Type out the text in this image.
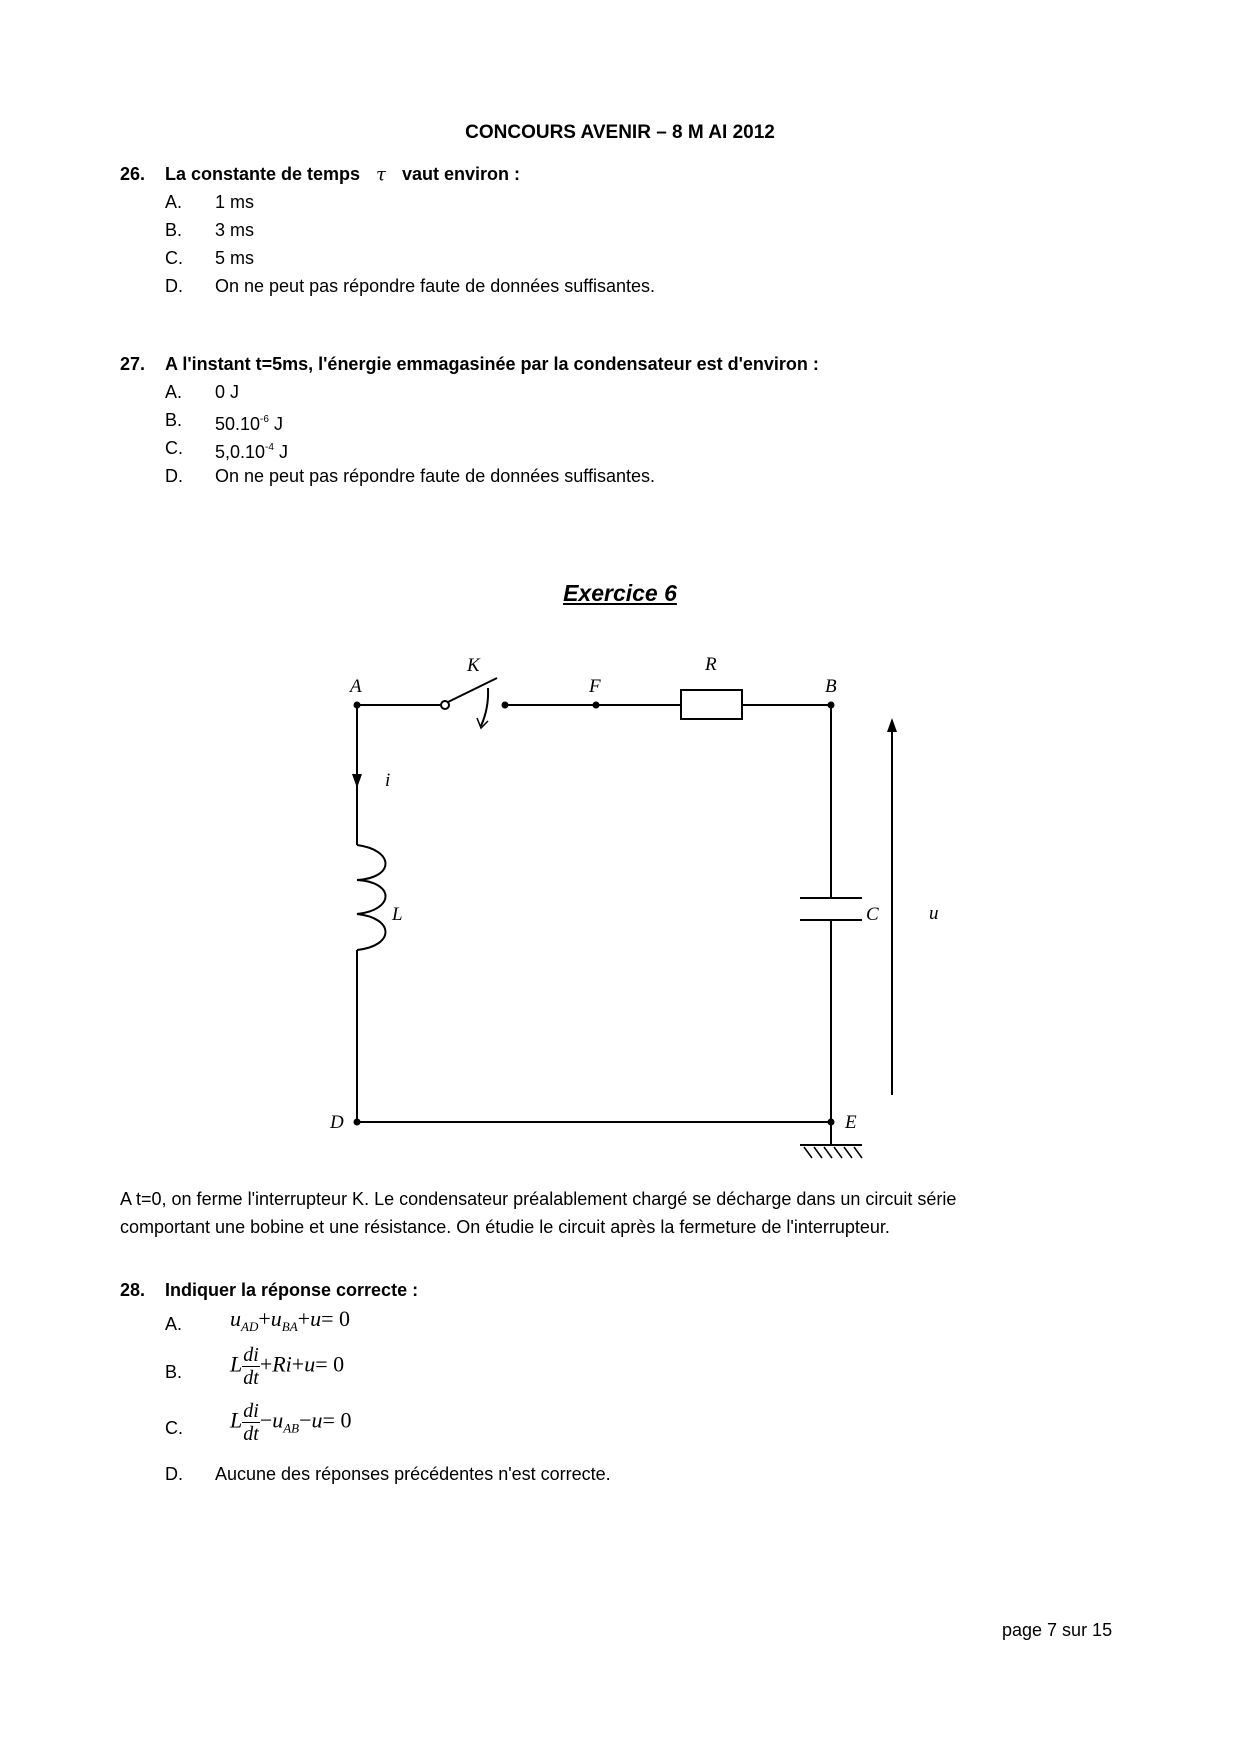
CONCOURS AVENIR – 8 M AI 2012
26. La constante de temps τ vaut environ :
A. 1 ms
B. 3 ms
C. 5 ms
D. On ne peut pas répondre faute de données suffisantes.
27. A l'instant t=5ms, l'énergie emmagasinée par la condensateur est d'environ :
A. 0 J
B. $50.10^{-6}$ J
C. $5,0.10^{-4}$ J
D. On ne peut pas répondre faute de données suffisantes.
Exercice 6
A
K
F
R
B
i
L	C	u
D	E
A t=0, on ferme l'interrupteur K. Le condensateur préalablement chargé se décharge dans un circuit série
comportant une bobine et une résistance. On étudie le circuit après la fermeture de l'interrupteur.
28. Indiquer la réponse correcte :
A. $u_{AD}+u_{BA}+u= 0$
B. L $\frac{di}{dt} +Ri+u= 0$
C. L $\frac{di}{dt} -u_{AB}-u= 0$
D. Aucune des réponses précédentes n'est correcte.
page 7 sur 15
